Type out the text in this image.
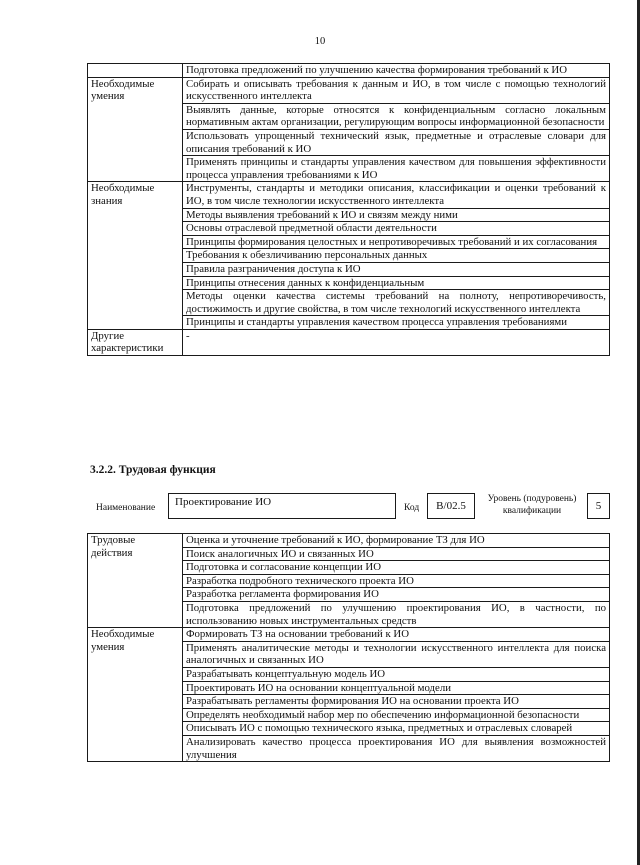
10
	Подготовка предложений по улучшению качества формирования требований к ИО
Необходимые умения	Собирать и описывать требования к данным и ИО, в том числе с помощью технологий искусственного интеллекта
	Выявлять данные, которые относятся к конфиденциальным согласно локальным нормативным актам организации, регулирующим вопросы информационной безопасности
	Использовать упрощенный технический язык, предметные и отраслевые словари для описания требований к ИО
	Применять принципы и стандарты управления качеством для повышения эффективности процесса управления требованиями к ИО
Необходимые знания	Инструменты, стандарты и методики описания, классификации и оценки требований к ИО, в том числе технологии искусственного интеллекта
	Методы выявления требований к ИО и связям между ними
	Основы отраслевой предметной области деятельности
	Принципы формирования целостных и непротиворечивых требований и их согласования
	Требования к обезличиванию персональных данных
	Правила разграничения доступа к ИО
	Принципы отнесения данных к конфиденциальным
	Методы оценки качества системы требований на полноту, непротиворечивость, достижимость и другие свойства, в том числе технологий искусственного интеллекта
	Принципы и стандарты управления качеством процесса управления требованиями
Другие характеристики	-
3.2.2. Трудовая функция
Наименование	Проектирование ИО	Код	B/02.5
Уровень (подуровень) квалификации	5
Трудовые действия	Оценка и уточнение требований к ИО, формирование ТЗ для ИО
	Поиск аналогичных ИО и связанных ИО
	Подготовка и согласование концепции ИО
	Разработка подробного технического проекта ИО
	Разработка регламента формирования ИО
	Подготовка предложений по улучшению проектирования ИО, в частности, по использованию новых инструментальных средств
Необходимые умения	Формировать ТЗ на основании требований к ИО
	Применять аналитические методы и технологии искусственного интеллекта для поиска аналогичных и связанных ИО
	Разрабатывать концептуальную модель ИО
	Проектировать ИО на основании концептуальной модели
	Разрабатывать регламенты формирования ИО на основании проекта ИО
	Определять необходимый набор мер по обеспечению информационной безопасности
	Описывать ИО с помощью технического языка, предметных и отраслевых словарей
	Анализировать качество процесса проектирования ИО для выявления возможностей улучшения
